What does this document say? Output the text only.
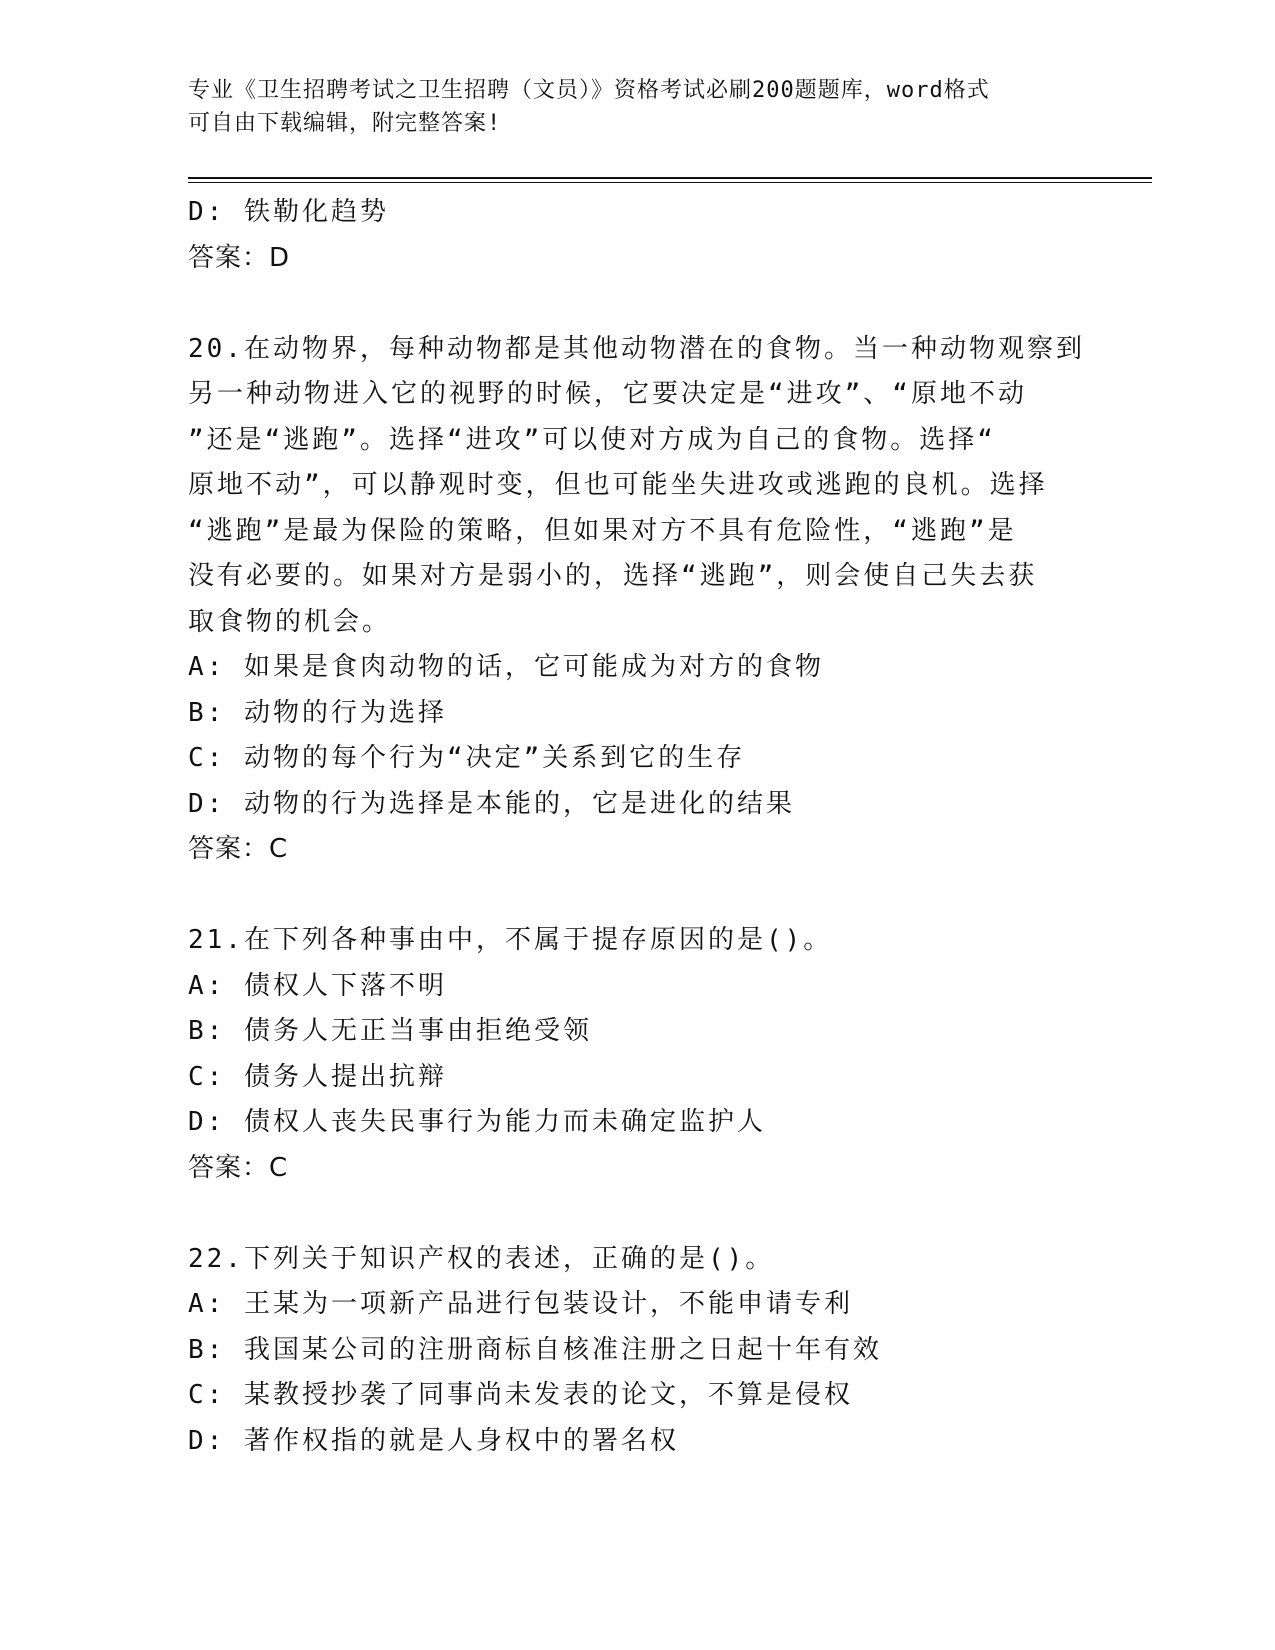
专业《卫生招聘考试之卫生招聘（文员）》资格考试必刷200题题库，word格式
可自由下载编辑，附完整答案!
D: 铁勒化趋势
答案：D
20.在动物界，每种动物都是其他动物潜在的食物。当一种动物观察到
另一种动物进入它的视野的时候，它要决定是“进攻”、“原地不动
”还是“逃跑”。选择“进攻”可以使对方成为自己的食物。选择“
原地不动”，可以静观时变，但也可能坐失进攻或逃跑的良机。选择
“逃跑”是最为保险的策略，但如果对方不具有危险性，“逃跑”是
没有必要的。如果对方是弱小的，选择“逃跑”，则会使自己失去获
取食物的机会。
A: 如果是食肉动物的话，它可能成为对方的食物
B: 动物的行为选择
C: 动物的每个行为“决定”关系到它的生存
D: 动物的行为选择是本能的，它是进化的结果
答案：C
21.在下列各种事由中，不属于提存原因的是()。
A: 债权人下落不明
B: 债务人无正当事由拒绝受领
C: 债务人提出抗辩
D: 债权人丧失民事行为能力而未确定监护人
答案：C
22.下列关于知识产权的表述，正确的是()。
A: 王某为一项新产品进行包装设计，不能申请专利
B: 我国某公司的注册商标自核准注册之日起十年有效
C: 某教授抄袭了同事尚未发表的论文，不算是侵权
D: 著作权指的就是人身权中的署名权
